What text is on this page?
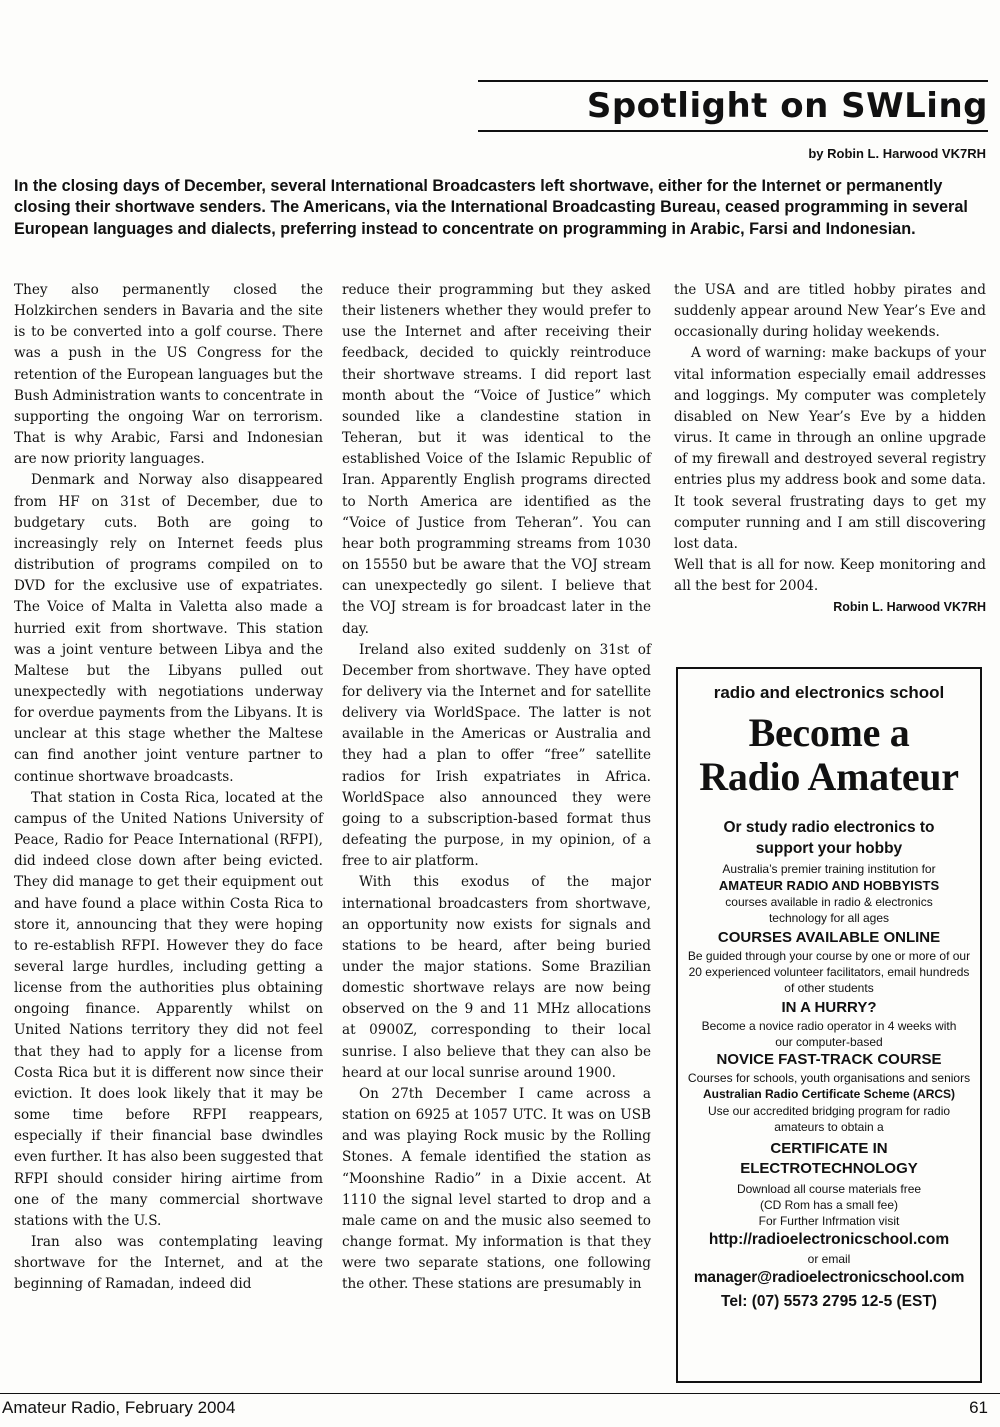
Spotlight on SWLing
by Robin L. Harwood VK7RH
In the closing days of December, several International Broadcasters left shortwave, either for the Internet or permanently closing their shortwave senders. The Americans, via the International Broadcasting Bureau, ceased programming in several European languages and dialects, preferring instead to concentrate on programming in Arabic, Farsi and Indonesian.

They also permanently closed the Holzkirchen senders in Bavaria and the site is to be converted into a golf course. There was a push in the US Congress for the retention of the European languages but the Bush Administration wants to concentrate in supporting the ongoing War on terrorism. That is why Arabic, Farsi and Indonesian are now priority languages.

Denmark and Norway also disappeared from HF on 31st of December, due to budgetary cuts. Both are going to increasingly rely on Internet feeds plus distribution of programs compiled on to DVD for the exclusive use of expatriates. The Voice of Malta in Valetta also made a hurried exit from shortwave. This station was a joint venture between Libya and the Maltese but the Libyans pulled out unexpectedly with negotiations underway for overdue payments from the Libyans. It is unclear at this stage whether the Maltese can find another joint venture partner to continue shortwave broadcasts.

That station in Costa Rica, located at the campus of the United Nations University of Peace, Radio for Peace International (RFPI), did indeed close down after being evicted. They did manage to get their equipment out and have found a place within Costa Rica to store it, announcing that they were hoping to re-establish RFPI. However they do face several large hurdles, including getting a license from the authorities plus obtaining ongoing finance. Apparently whilst on United Nations territory they did not feel that they had to apply for a license from Costa Rica but it is different now since their eviction. It does look likely that it may be some time before RFPI reappears, especially if their financial base dwindles even further. It has also been suggested that RFPI should consider hiring airtime from one of the many commercial shortwave stations with the U.S.

Iran also was contemplating leaving shortwave for the Internet, and at the beginning of Ramadan, indeed did

reduce their programming but they asked their listeners whether they would prefer to use the Internet and after receiving their feedback, decided to quickly reintroduce their shortwave streams. I did report last month about the “Voice of Justice” which sounded like a clandestine station in Teheran, but it was identical to the established Voice of the Islamic Republic of Iran. Apparently English programs directed to North America are identified as the “Voice of Justice from Teheran”. You can hear both programming streams from 1030 on 15550 but be aware that the VOJ stream can unexpectedly go silent. I believe that the VOJ stream is for broadcast later in the day.

Ireland also exited suddenly on 31st of December from shortwave. They have opted for delivery via the Internet and for satellite delivery via WorldSpace. The latter is not available in the Americas or Australia and they had a plan to offer “free” satellite radios for Irish expatriates in Africa. WorldSpace also announced they were going to a subscription-based format thus defeating the purpose, in my opinion, of a free to air platform.

With this exodus of the major international broadcasters from shortwave, an opportunity now exists for signals and stations to be heard, after being buried under the major stations. Some Brazilian domestic shortwave relays are now being observed on the 9 and 11 MHz allocations at 0900Z, corresponding to their local sunrise. I also believe that they can also be heard at our local sunrise around 1900.

On 27th December I came across a station on 6925 at 1057 UTC. It was on USB and was playing Rock music by the Rolling Stones. A female identified the station as “Moonshine Radio” in a Dixie accent. At 1110 the signal level started to drop and a male came on and the music also seemed to change format. My information is that they were two separate stations, one following the other. These stations are presumably in

the USA and are titled hobby pirates and suddenly appear around New Year’s Eve and occasionally during holiday weekends.

A word of warning: make backups of your vital information especially email addresses and loggings. My computer was completely disabled on New Year’s Eve by a hidden virus. It came in through an online upgrade of my firewall and destroyed several registry entries plus my address book and some data. It took several frustrating days to get my computer running and I am still discovering lost data.

Well that is all for now. Keep monitoring and all the best for 2004.

Robin L. Harwood VK7RH
radio and electronics school
Become a
Radio Amateur
Or study radio electronics to support your hobby
Australia’s premier training institution for
AMATEUR RADIO AND HOBBYISTS
courses available in radio & electronics technology for all ages
COURSES AVAILABLE ONLINE
Be guided through your course by one or more of our 20 experienced volunteer facilitators, email hundreds of other students
IN A HURRY?
Become a novice radio operator in 4 weeks with our computer-based
NOVICE FAST-TRACK COURSE
Courses for schools, youth organisations and seniors
Australian Radio Certificate Scheme (ARCS)
Use our accredited bridging program for radio amateurs to obtain a
CERTIFICATE IN ELECTROTECHNOLOGY
Download all course materials free
(CD Rom has a small fee)
For Further Infrmation visit
http://radioelectronicschool.com
or email
manager@radioelectronicschool.com
Tel: (07) 5573 2795 12-5 (EST)
Amateur Radio, February 2004	61
